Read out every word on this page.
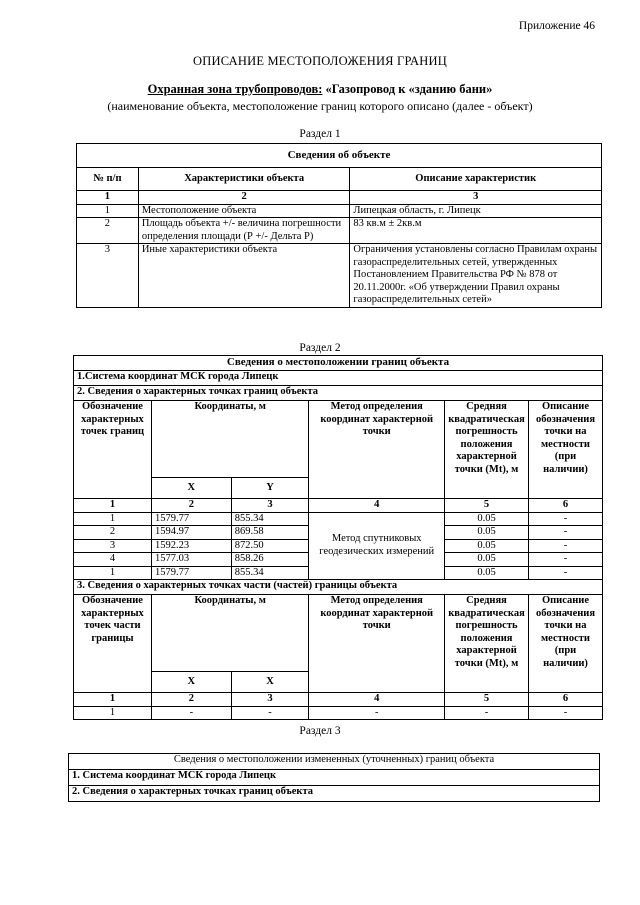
Приложение 46
ОПИСАНИЕ МЕСТОПОЛОЖЕНИЯ ГРАНИЦ
Охранная зона трубопроводов: «Газопровод к «зданию бани»
(наименование объекта, местоположение границ которого описано (далее - объект)
Раздел 1
Сведения об объекте		
№ п/п	Характеристики объекта	Описание характеристик
1	2	3
1	Местоположение объекта	Липецкая область, г. Липецк
2	Площадь объекта +/- величина погрешности определения площади (Р +/- Дельта Р)	83 кв.м ± 2кв.м
3	Иные характеристики объекта	Ограничения установлены согласно Правилам охраны газораспределительных сетей, утвержденных Постановлением Правительства РФ № 878 от 20.11.2000г. «Об утверждении Правил охраны газораспределительных сетей»
Раздел 2
Сведения о местоположении границ объекта					
1.Система координат МСК города Липецк					
2. Сведения о характерных точках границ объекта					
Обозначение характерных точек границ	Координаты, м		Метод определения координат характерной точки	Средняя квадратическая погрешность положения характерной точки (Mt), м	Описание обозначения точки на местности (при наличии)
	Х	Y			
1	2	3	4	5	6
1	1579.77	855.34	Метод спутниковых геодезических измерений	0.05	-
2	1594.97	869.58		0.05	-
3	1592.23	872.50		0.05	-
4	1577.03	858.26		0.05	-
1	1579.77	855.34		0.05	-
3. Сведения о характерных точках части (частей) границы объекта					
Обозначение характерных точек части границы	Координаты, м		Метод определения координат характерной точки	Средняя квадратическая погрешность положения характерной точки (Mt), м	Описание обозначения точки на местности (при наличии)
	Х	Х			
1	2	3	4	5	6
1	-	-	-	-	-
Раздел 3
Сведения о местоположении измененных (уточненных) границ объекта
1. Система координат МСК города Липецк
2. Сведения о характерных точках границ объекта
